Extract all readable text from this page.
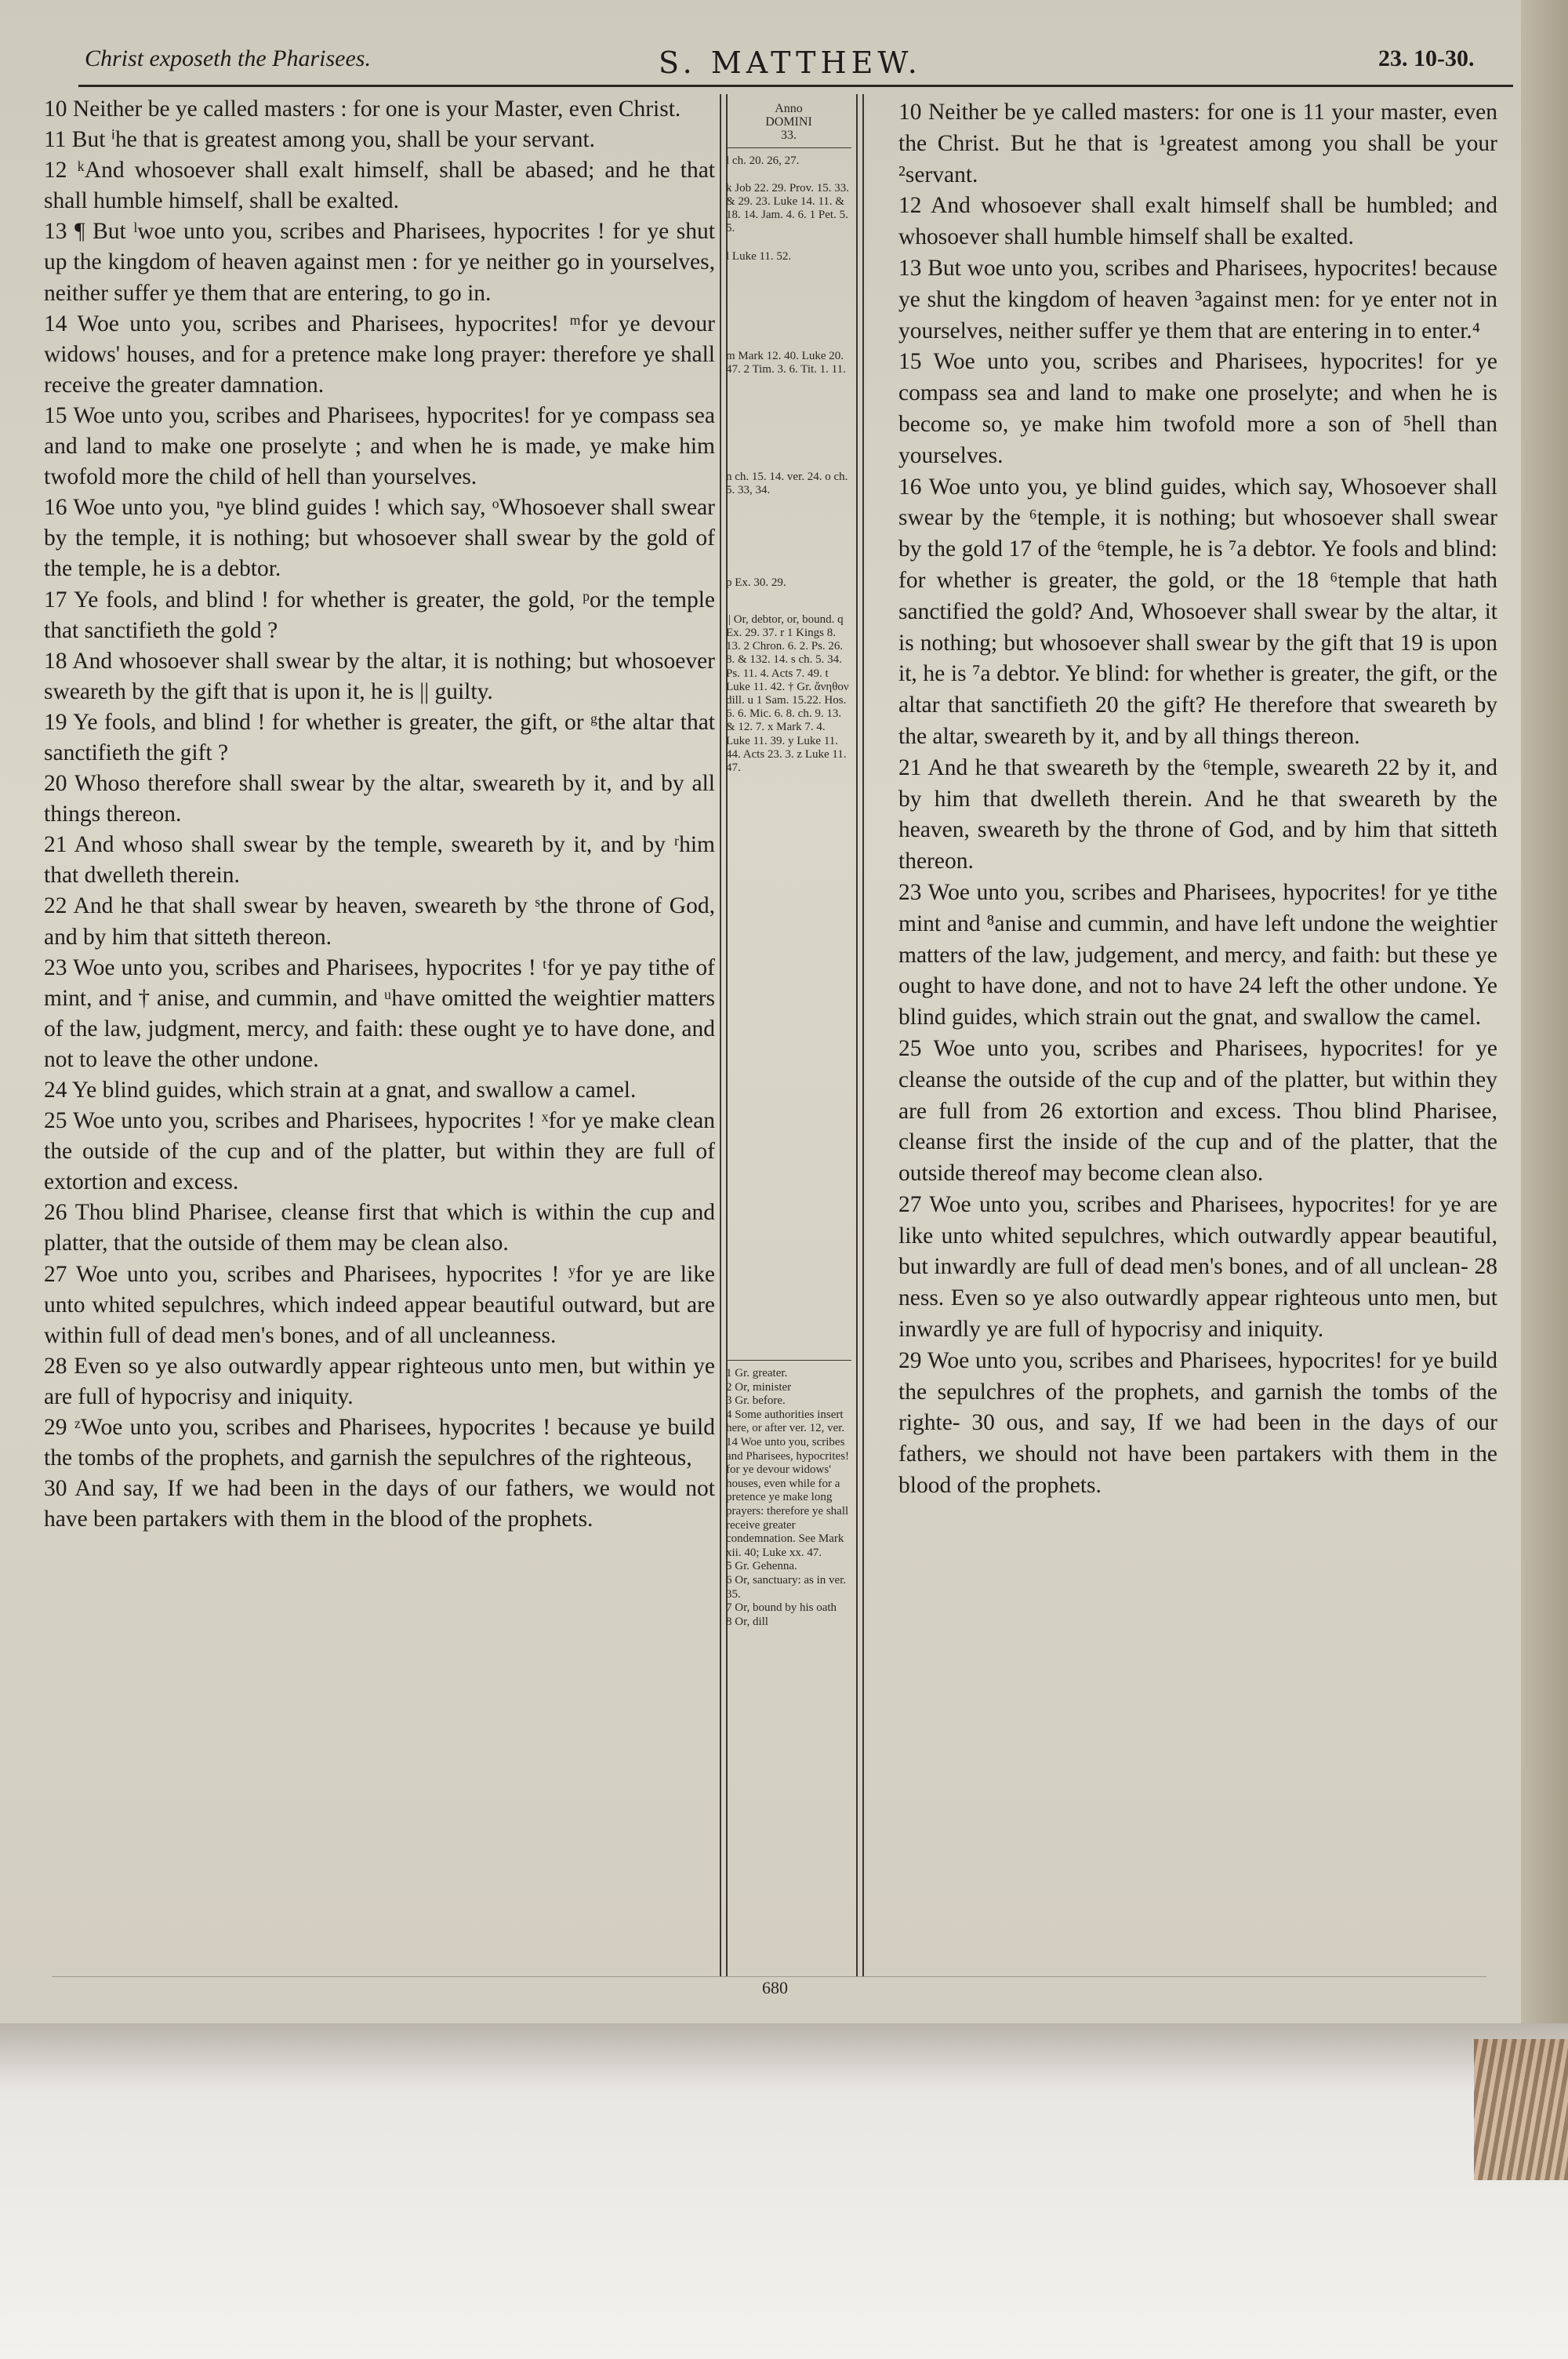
Christ exposeth the Pharisees.	S. MATTHEW.	23. 10-30.

10 Neither be ye called masters : for one is your Master, even Christ.

11 But ⁱhe that is greatest among you, shall be your servant.

12 ᵏAnd whosoever shall exalt himself, shall be abased; and he that shall humble himself, shall be exalted.

13 ¶ But ˡwoe unto you, scribes and Pharisees, hypocrites ! for ye shut up the kingdom of heaven against men : for ye neither go in yourselves, neither suffer ye them that are entering, to go in.

14 Woe unto you, scribes and Pharisees, hypocrites! ᵐfor ye devour widows' houses, and for a pretence make long prayer: therefore ye shall receive the greater damnation.

15 Woe unto you, scribes and Pharisees, hypocrites! for ye compass sea and land to make one proselyte ; and when he is made, ye make him twofold more the child of hell than yourselves.

16 Woe unto you, ⁿye blind guides ! which say, ᵒWhosoever shall swear by the temple, it is nothing; but whosoever shall swear by the gold of the temple, he is a debtor.

17 Ye fools, and blind ! for whether is greater, the gold, ᵖor the temple that sanctifieth the gold ?

18 And whosoever shall swear by the altar, it is nothing; but whosoever sweareth by the gift that is upon it, he is || guilty.

19 Ye fools, and blind ! for whether is greater, the gift, or ᵍthe altar that sanctifieth the gift ?

20 Whoso therefore shall swear by the altar, sweareth by it, and by all things thereon.

21 And whoso shall swear by the temple, sweareth by it, and by ʳhim that dwelleth therein.

22 And he that shall swear by heaven, sweareth by ˢthe throne of God, and by him that sitteth thereon.

23 Woe unto you, scribes and Pharisees, hypocrites ! ᵗfor ye pay tithe of mint, and † anise, and cummin, and ᵘhave omitted the weightier matters of the law, judgment, mercy, and faith: these ought ye to have done, and not to leave the other undone.

24 Ye blind guides, which strain at a gnat, and swallow a camel.

25 Woe unto you, scribes and Pharisees, hypocrites ! ˣfor ye make clean the outside of the cup and of the platter, but within they are full of extortion and excess.

26 Thou blind Pharisee, cleanse first that which is within the cup and platter, that the outside of them may be clean also.

27 Woe unto you, scribes and Pharisees, hypocrites ! ʸfor ye are like unto whited sepulchres, which indeed appear beautiful outward, but are within full of dead men's bones, and of all uncleanness.

28 Even so ye also outwardly appear righteous unto men, but within ye are full of hypocrisy and iniquity.

29 ᶻWoe unto you, scribes and Pharisees, hypocrites ! because ye build the tombs of the prophets, and garnish the sepulchres of the righteous,

30 And say, If we had been in the days of our fathers, we would not have been partakers with them in the blood of the prophets.

Anno
DOMINI
33.

l ch. 20. 26, 27.

k Job 22. 29. Prov. 15. 33. & 29. 23. Luke 14. 11. & 18. 14. Jam. 4. 6. 1 Pet. 5. 5.

l Luke 11. 52.

m Mark 12. 40. Luke 20. 47. 2 Tim. 3. 6. Tit. 1. 11.

n ch. 15. 14. ver. 24. o ch. 5. 33, 34.

p Ex. 30. 29.

|| Or, debtor, or, bound. q Ex. 29. 37. r 1 Kings 8. 13. 2 Chron. 6. 2. Ps. 26. 8. & 132. 14. s ch. 5. 34. Ps. 11. 4. Acts 7. 49. t Luke 11. 42. † Gr. ἄνηθον dill. u 1 Sam. 15.22. Hos. 6. 6. Mic. 6. 8. ch. 9. 13. & 12. 7. x Mark 7. 4. Luke 11. 39. y Luke 11. 44. Acts 23. 3. z Luke 11. 47.

1 Gr. greater.

2 Or, minister

3 Gr. before.

4 Some authorities insert here, or after ver. 12, ver. 14 Woe unto you, scribes and Pharisees, hypocrites! for ye devour widows' houses, even while for a pretence ye make long prayers: therefore ye shall receive greater condemnation. See Mark xii. 40; Luke xx. 47.

5 Gr. Gehenna.

6 Or, sanctuary: as in ver. 35.

7 Or, bound by his oath

8 Or, dill

10 Neither be ye called masters: for one is 11 your master, even the Christ. But he that is ¹greatest among you shall be your ²servant.

12 And whosoever shall exalt himself shall be humbled; and whosoever shall humble himself shall be exalted.

13 But woe unto you, scribes and Pharisees, hypocrites! because ye shut the kingdom of heaven ³against men: for ye enter not in yourselves, neither suffer ye them that are entering in to enter.⁴

15 Woe unto you, scribes and Pharisees, hypocrites! for ye compass sea and land to make one proselyte; and when he is become so, ye make him twofold more a son of ⁵hell than yourselves.

16 Woe unto you, ye blind guides, which say, Whosoever shall swear by the ⁶temple, it is nothing; but whosoever shall swear by the gold 17 of the ⁶temple, he is ⁷a debtor. Ye fools and blind: for whether is greater, the gold, or the 18 ⁶temple that hath sanctified the gold? And, Whosoever shall swear by the altar, it is nothing; but whosoever shall swear by the gift that 19 is upon it, he is ⁷a debtor. Ye blind: for whether is greater, the gift, or the altar that sanctifieth 20 the gift? He therefore that sweareth by the altar, sweareth by it, and by all things thereon.

21 And he that sweareth by the ⁶temple, sweareth 22 by it, and by him that dwelleth therein. And he that sweareth by the heaven, sweareth by the throne of God, and by him that sitteth thereon.

23 Woe unto you, scribes and Pharisees, hypocrites! for ye tithe mint and ⁸anise and cummin, and have left undone the weightier matters of the law, judgement, and mercy, and faith: but these ye ought to have done, and not to have 24 left the other undone. Ye blind guides, which strain out the gnat, and swallow the camel.

25 Woe unto you, scribes and Pharisees, hypocrites! for ye cleanse the outside of the cup and of the platter, but within they are full from 26 extortion and excess. Thou blind Pharisee, cleanse first the inside of the cup and of the platter, that the outside thereof may become clean also.

27 Woe unto you, scribes and Pharisees, hypocrites! for ye are like unto whited sepulchres, which outwardly appear beautiful, but inwardly are full of dead men's bones, and of all unclean- 28 ness. Even so ye also outwardly appear righteous unto men, but inwardly ye are full of hypocrisy and iniquity.

29 Woe unto you, scribes and Pharisees, hypocrites! for ye build the sepulchres of the prophets, and garnish the tombs of the righte- 30 ous, and say, If we had been in the days of our fathers, we should not have been partakers with them in the blood of the prophets.

680
